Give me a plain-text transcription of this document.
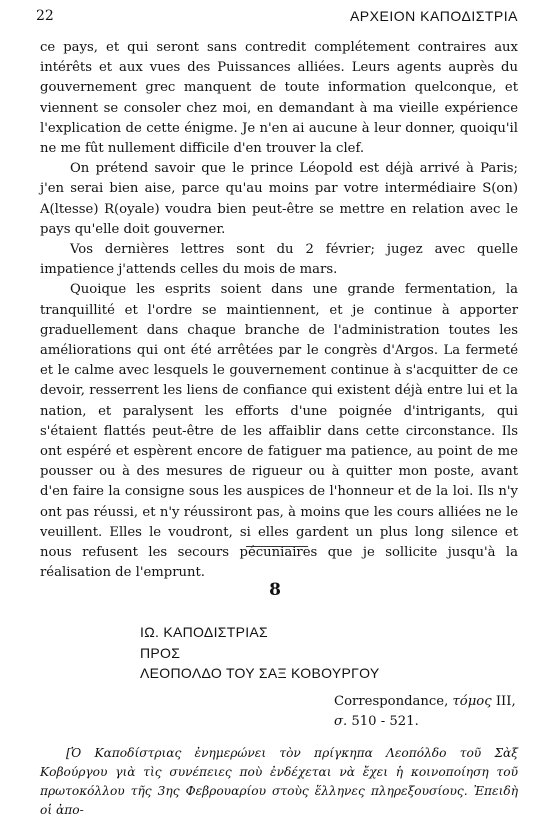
22	ΑΡΧΕΙΟΝ ΚΑΠΟΔΙΣΤΡΙΑ

ce pays, et qui seront sans contredit complétement contraires aux intérêts et aux vues des Puissances alliées. Leurs agents auprès du gouvernement grec manquent de toute information quelconque, et viennent se consoler chez moi, en demandant à ma vieille expérience l'explication de cette énigme. Je n'en ai aucune à leur donner, quoiqu'il ne me fût nullement difficile d'en trouver la clef.

On prétend savoir que le prince Léopold est déjà arrivé à Paris; j'en serai bien aise, parce qu'au moins par votre intermédiaire S(on) A(ltesse) R(oyale) voudra bien peut-être se mettre en relation avec le pays qu'elle doit gouverner.

Vos dernières lettres sont du 2 février; jugez avec quelle impatience j'attends celles du mois de mars.

Quoique les esprits soient dans une grande fermentation, la tranquillité et l'ordre se maintiennent, et je continue à apporter graduellement dans chaque branche de l'administration toutes les améliorations qui ont été arrêtées par le congrès d'Argos. La fermeté et le calme avec lesquels le gouvernement continue à s'acquitter de ce devoir, resserrent les liens de confiance qui existent déjà entre lui et la nation, et paralysent les efforts d'une poignée d'intrigants, qui s'étaient flattés peut-être de les affaiblir dans cette circonstance. Ils ont espéré et espèrent encore de fatiguer ma patience, au point de me pousser ou à des mesures de rigueur ou à quitter mon poste, avant d'en faire la consigne sous les auspices de l'honneur et de la loi. Ils n'y ont pas réussi, et n'y réussiront pas, à moins que les cours alliées ne le veuillent. Elles le voudront, si elles gardent un plus long silence et nous refusent les secours pécuniaires que je sollicite jusqu'à la réalisation de l'emprunt.

8
ΙΩ. ΚΑΠΟΔΙΣΤΡΙΑΣ
ΠΡΟΣ
ΛΕΟΠΟΛΔΟ ΤΟΥ ΣΑΞ ΚΟΒΟΥΡΓΟΥ
Correspondance, τόμος III,
σ. 510 - 521.
[Ὁ Καποδίστριας ἐνημερώνει τὸν πρίγκηπα Λεοπόλδο τοῦ Σὰξ Κοβούργου γιὰ τὶς συνέπειες ποὺ ἐνδέχεται νὰ ἔχει ἡ κοινοποίηση τοῦ πρωτοκόλλου τῆς 3ης Φεβρουαρίου στοὺς ἕλληνες πληρεξουσίους. Ἐπειδὴ οἱ ἀπο-
